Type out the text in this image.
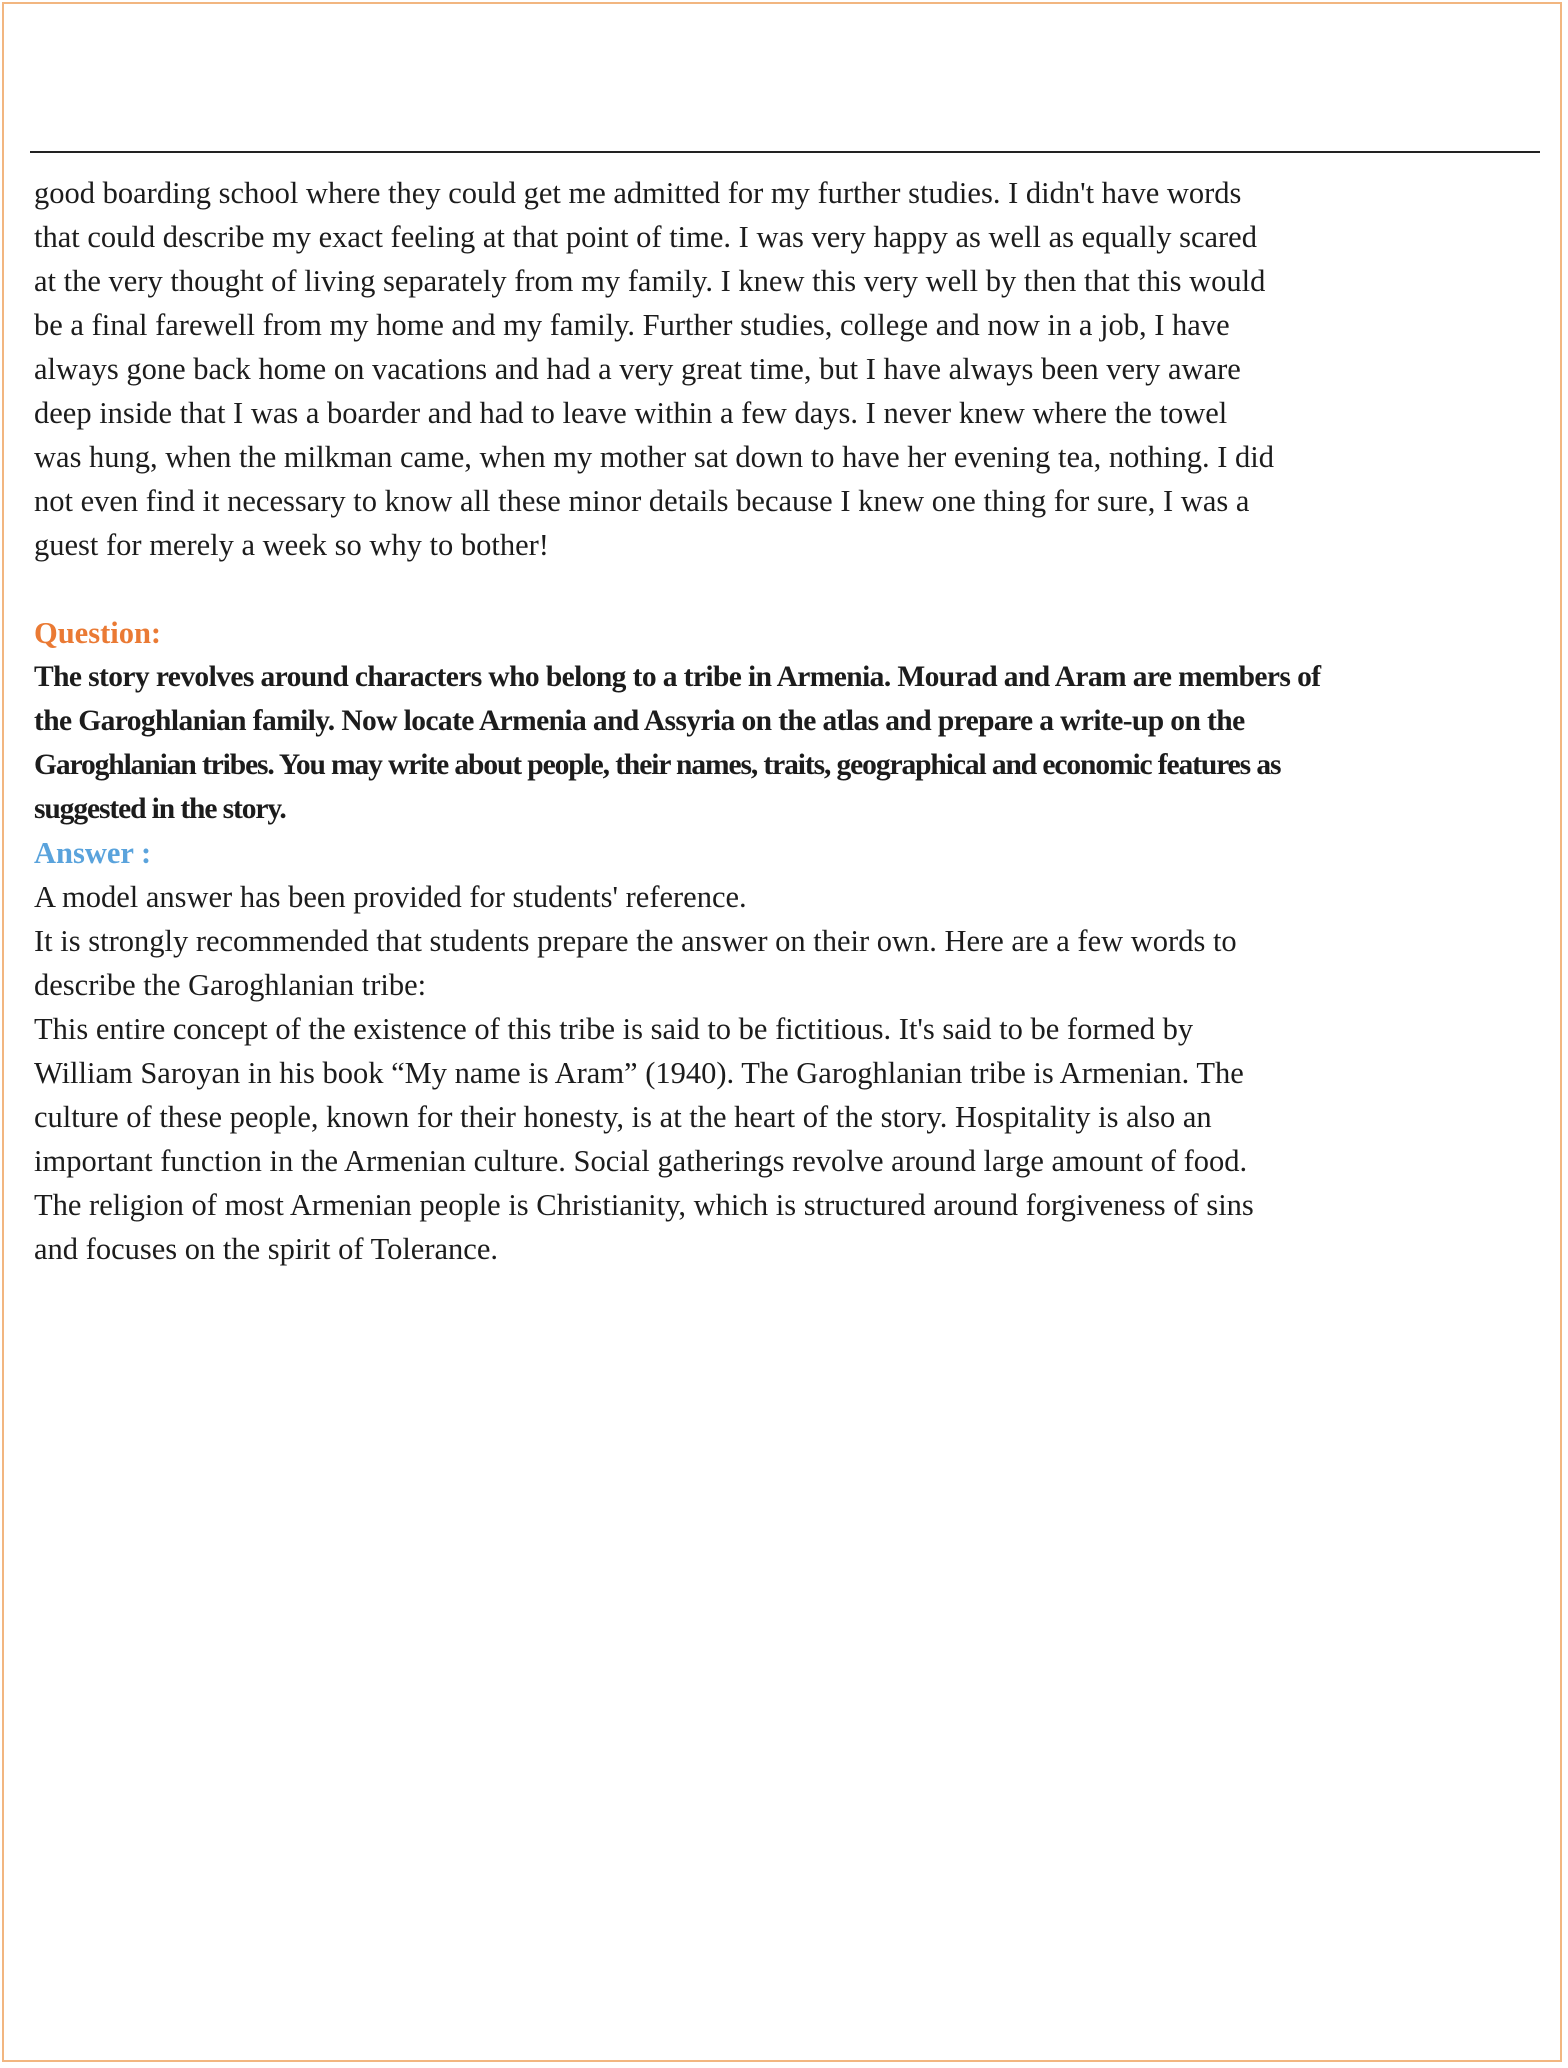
good boarding school where they could get me admitted for my further studies. I didn't have words
that could describe my exact feeling at that point of time. I was very happy as well as equally scared
at the very thought of living separately from my family. I knew this very well by then that this would
be a final farewell from my home and my family. Further studies, college and now in a job, I have
always gone back home on vacations and had a very great time, but I have always been very aware
deep inside that I was a boarder and had to leave within a few days. I never knew where the towel
was hung, when the milkman came, when my mother sat down to have her evening tea, nothing. I did
not even find it necessary to know all these minor details because I knew one thing for sure, I was a
guest for merely a week so why to bother!
Question:
The story revolves around characters who belong to a tribe in Armenia. Mourad and Aram are members of
the Garoghlanian family. Now locate Armenia and Assyria on the atlas and prepare a write-up on the
Garoghlanian tribes. You may write about people, their names, traits, geographical and economic features as
suggested in the story.
Answer :
A model answer has been provided for students' reference.
It is strongly recommended that students prepare the answer on their own. Here are a few words to
describe the Garoghlanian tribe:
This entire concept of the existence of this tribe is said to be fictitious. It's said to be formed by
William Saroyan in his book “My name is Aram” (1940). The Garoghlanian tribe is Armenian. The
culture of these people, known for their honesty, is at the heart of the story. Hospitality is also an
important function in the Armenian culture. Social gatherings revolve around large amount of food.
The religion of most Armenian people is Christianity, which is structured around forgiveness of sins
and focuses on the spirit of Tolerance.
